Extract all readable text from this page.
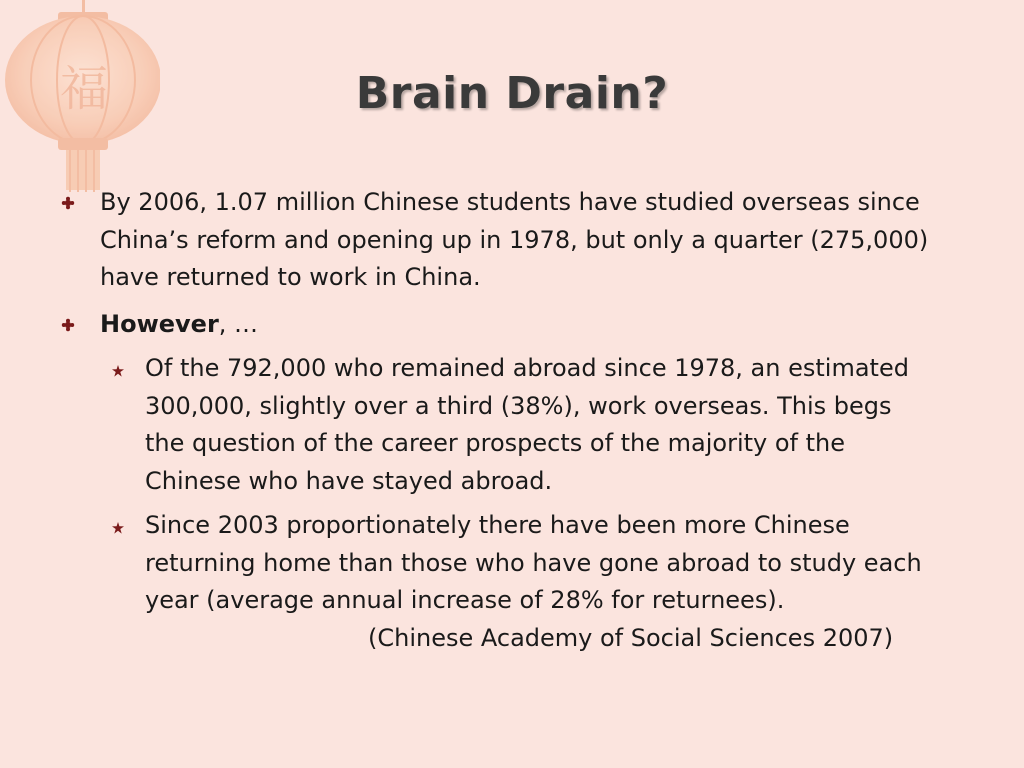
福	Brain Drain?
By 2006, 1.07 million Chinese students have studied overseas since
China’s reform and opening up in 1978, but only a quarter (275,000)
have returned to work in China.
However, …
Of the 792,000 who remained abroad since 1978, an estimated
300,000, slightly over a third (38%), work overseas. This begs
the question of the career prospects of the majority of the
Chinese who have stayed abroad.
Since 2003 proportionately there have been more Chinese
returning home than those who have gone abroad to study each
year (average annual increase of 28% for returnees).
(Chinese Academy of Social Sciences 2007)
